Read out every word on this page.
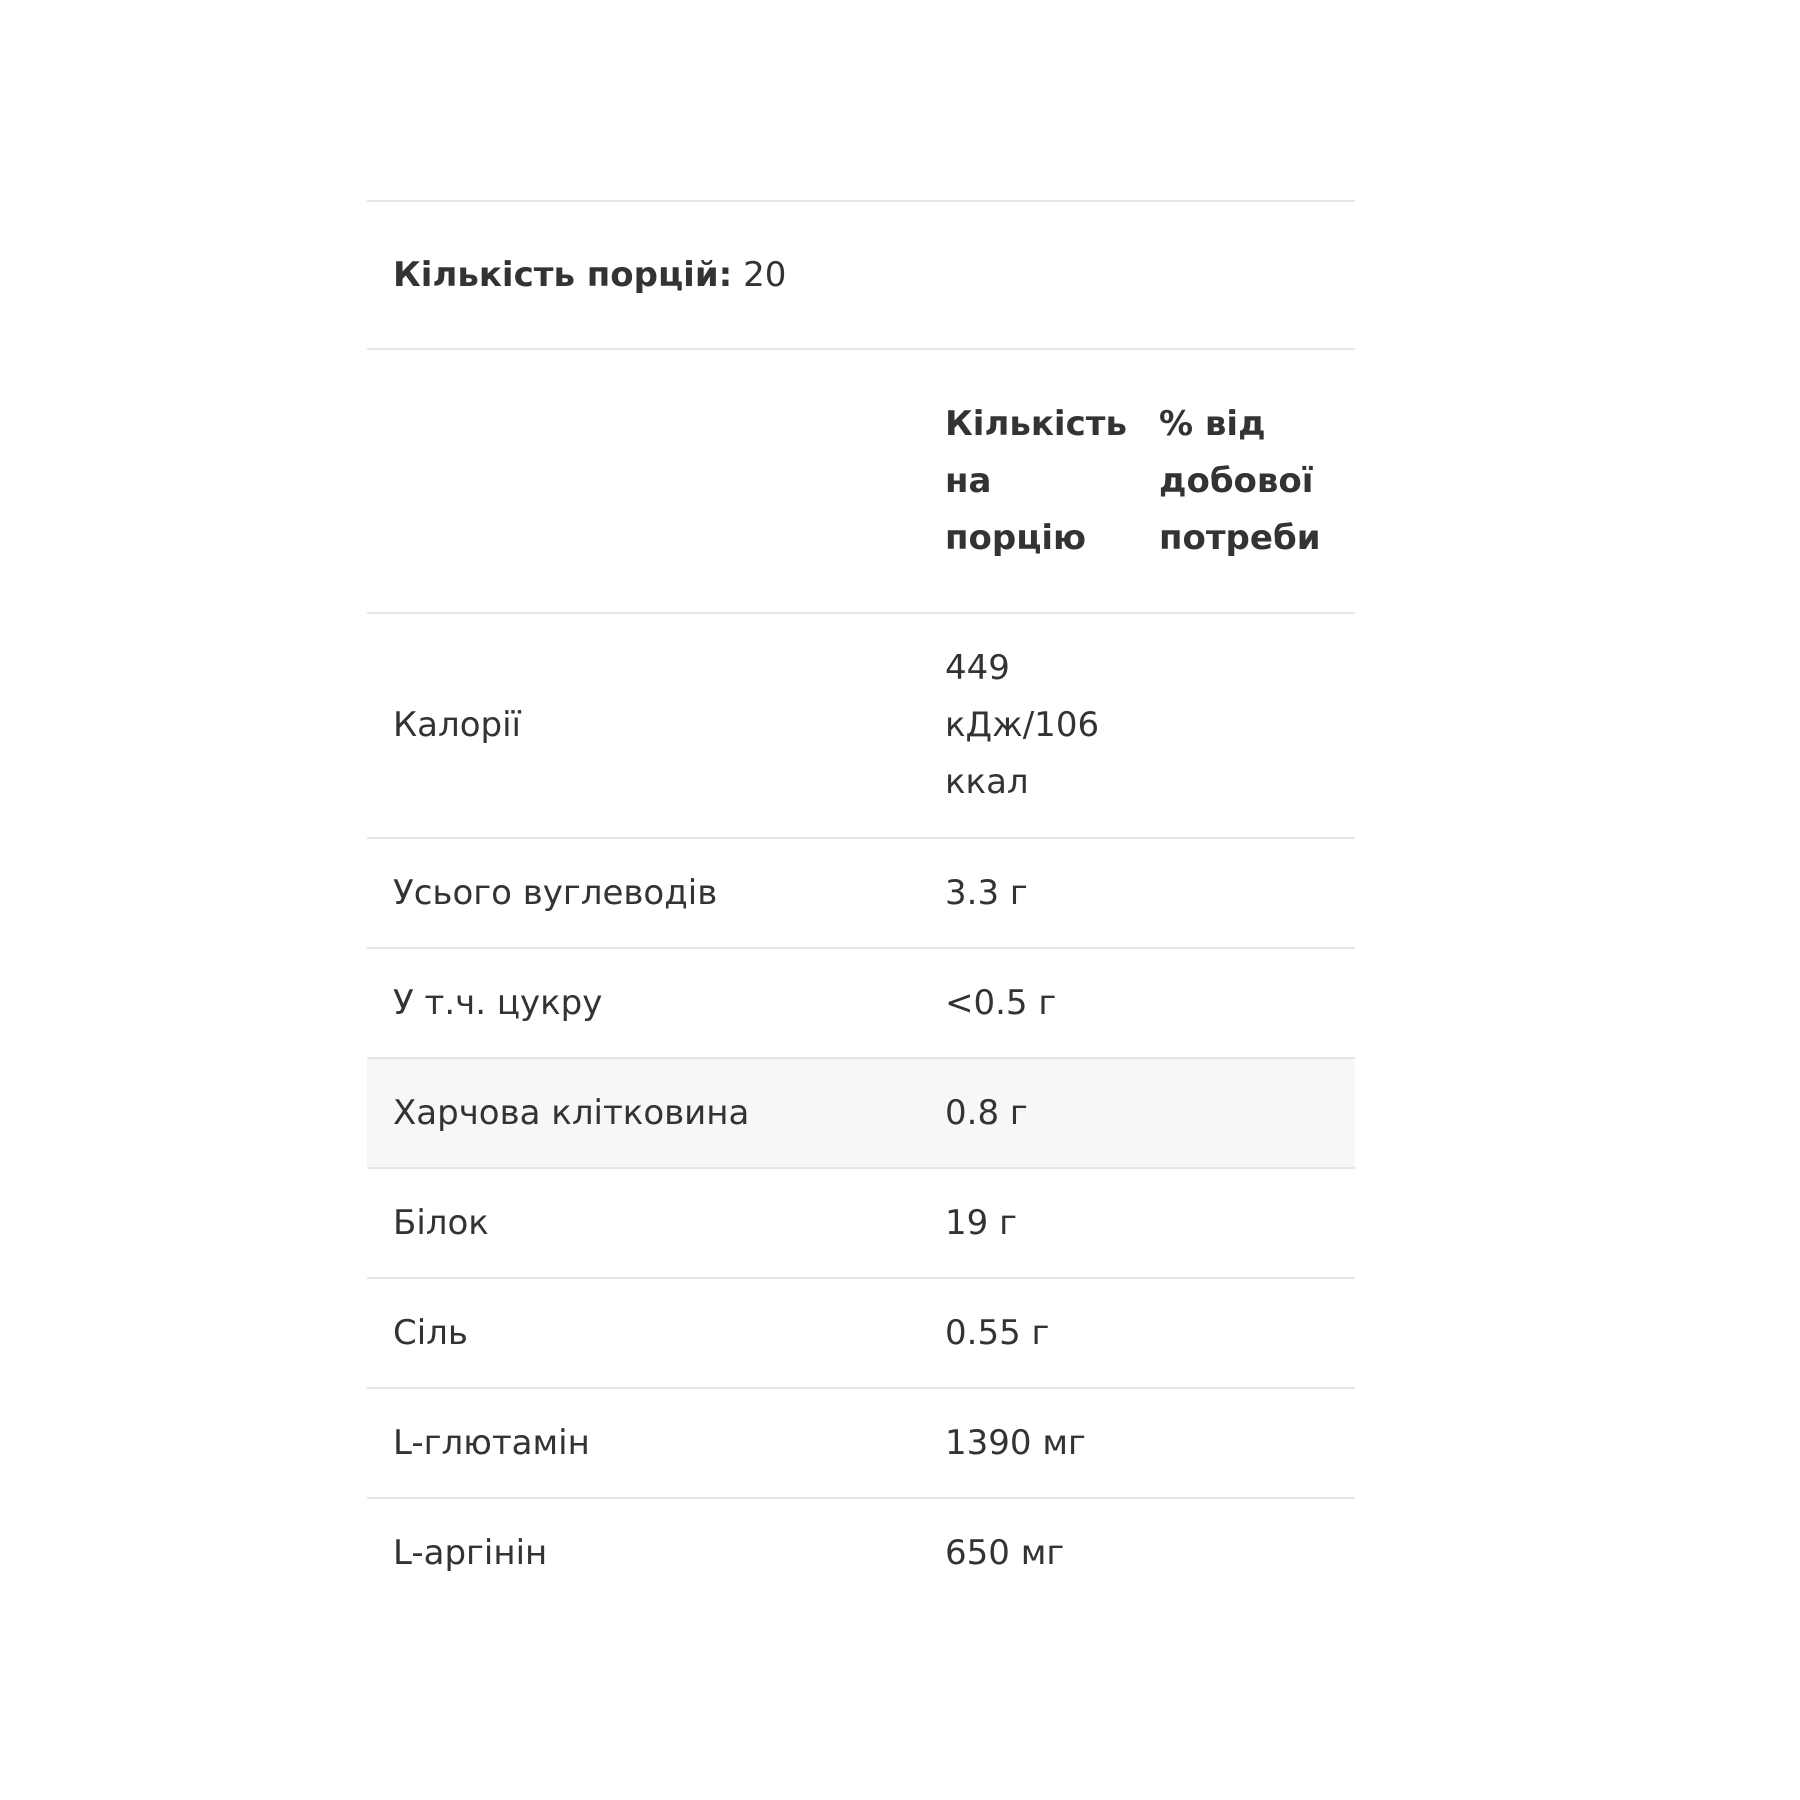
Кількість порцій:
20

	Кількість на порцію	% від добової потреби

Калорії	449 кДж/106 ккал	

Усього вуглеводів	3.3 г	
У т.ч. цукру	<0.5 г	
Харчова клітковина	0.8 г	
Білок	19 г	
Сіль	0.55 г	
L-глютамін	1390 мг	
L-аргінін	650 мг	
